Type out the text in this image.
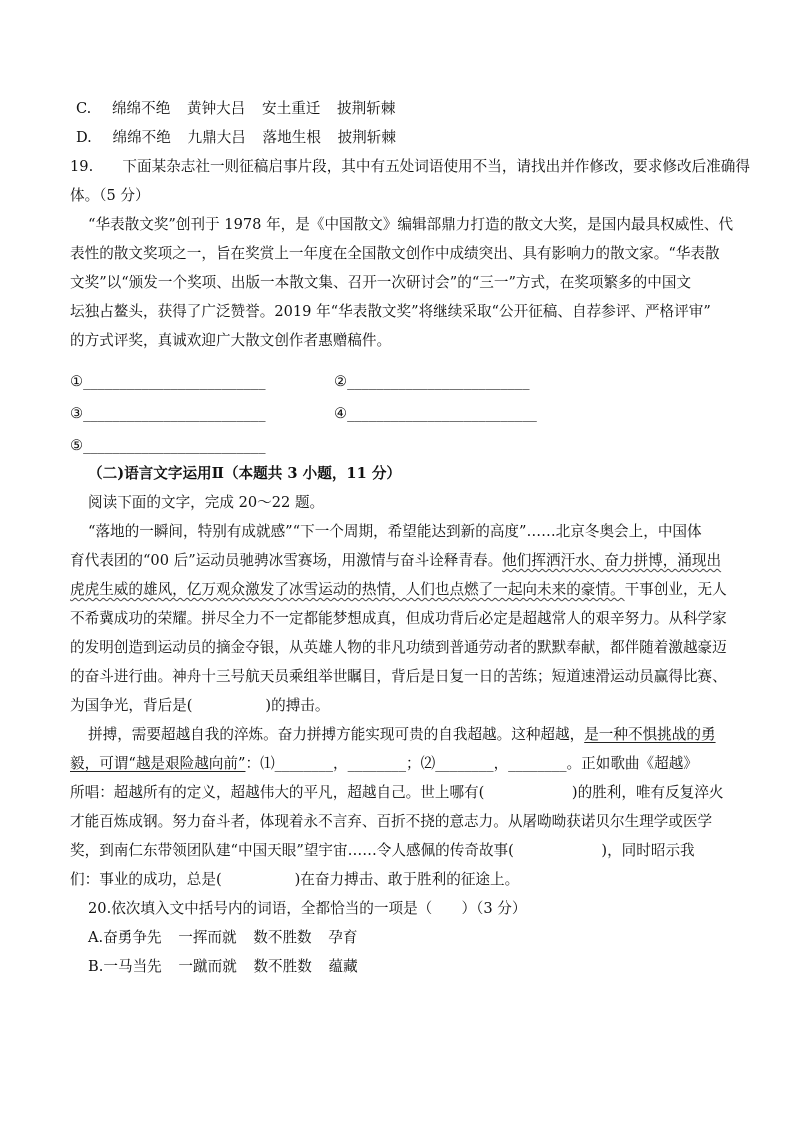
C. 绵绵不绝 黄钟大吕 安土重迁 披荆斩棘
D. 绵绵不绝 九鼎大吕 落地生根 披荆斩棘
19.　　下面某杂志社一则征稿启事片段，其中有五处词语使用不当，请找出并作修改，要求修改后准确得
体。（5 分）
“华表散文奖”创刊于 1978 年，是《中国散文》编辑部鼎力打造的散文大奖，是国内最具权威性、代
表性的散文奖项之一，旨在奖赏上一年度在全国散文创作中成绩突出、具有影响力的散文家。“华表散
文奖”以“颁发一个奖项、出版一本散文集、召开一次研讨会”的“三一”方式，在奖项繁多的中国文
坛独占鳌头，获得了广泛赞誉。2019 年“华表散文奖”将继续采取“公开征稿、自荐参评、严格评审”
的方式评奖，真诚欢迎广大散文创作者惠赠稿件。
①_________________________	②_________________________
③_________________________	④__________________________
⑤_________________________
（二)语言文字运用Ⅱ（本题共 3 小题，11 分）
阅读下面的文字，完成 20～22 题。
“落地的一瞬间，特别有成就感”“下一个周期，希望能达到新的高度”……北京冬奥会上，中国体
育代表团的“00 后”运动员驰骋冰雪赛场，用激情与奋斗诠释青春。他们挥洒汗水、奋力拼博，涌现出
虎虎生威的雄风，亿万观众激发了冰雪运动的热情，人们也点燃了一起向未来的豪情。干事创业，无人
不希冀成功的荣耀。拼尽全力不一定都能梦想成真，但成功背后必定是超越常人的艰辛努力。从科学家
的发明创造到运动员的摘金夺银，从英雄人物的非凡功绩到普通劳动者的默默奉献，都伴随着激越豪迈
的奋斗进行曲。神舟十三号航天员乘组举世瞩目，背后是日复一日的苦练；短道速滑运动员赢得比赛、
为国争光，背后是(　　　　　)的搏击。
拼搏，需要超越自我的淬炼。奋力拼搏方能实现可贵的自我超越。这种超越，是一种不惧挑战的勇
毅，可谓“越是艰险越向前”：⑴________，________；⑵________，________。正如歌曲《超越》
所唱：超越所有的定义，超越伟大的平凡，超越自己。世上哪有(　　　　　　)的胜利，唯有反复淬火
才能百炼成钢。努力奋斗者，体现着永不言弃、百折不挠的意志力。从屠呦呦获诺贝尔生理学或医学
奖，到南仁东带领团队建“中国天眼”望宇宙……令人感佩的传奇故事(　　　　　　)，同时昭示我
们：事业的成功，总是(　　　　　)在奋力搏击、敢于胜利的征途上。
20.依次填入文中括号内的词语，全都恰当的一项是（　　）（3 分）
A.奋勇争先 一挥而就 数不胜数 孕育
B.一马当先 一蹴而就 数不胜数 蕴藏
